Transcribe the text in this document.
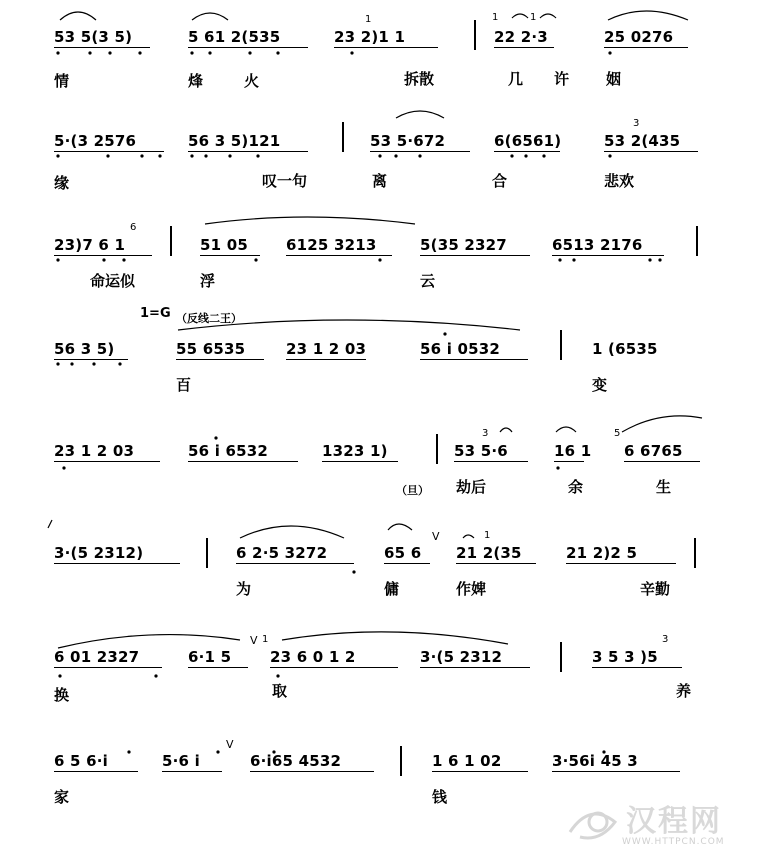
53 5(3 5)	5 61 2(535	23 2)1 1	22 2·3	25 0276
1	1	1
情	烽	火	拆散	几 许 姻
5·(3 2576	56 3 5)121	53 5·672	6(6561)	53 2(435
3
缘	叹一句	离	合	悲欢
23)7 6 1	51 05	6125 3213	5(35 2327	6513 2176
6
命运似	浮	云
1=G （反线二王）
56 3 5)	55 6535	23 1 2 03	56 i 0532	1 (6535
百	变
23 1 2 03	56 i 6532	1323 1)	53 5·6	16 1 6 6765
3	5
（旦） 劫后	余	生
3·(5 2312)	6 2·5 3272	65 6 21 2(35	21 2)2 5
1
V
为	傭	作婢	辛勤
6 01 2327	6·1 5	23 6 0 1 2	3·(5 2312	3 5 3 )5
1	3
V
换	取	养
6 5 6·i	5·6 i	6·i65 4532	1 6 1 02	3·56i 45 3
V
家	钱
汉程网
WWW.HTTPCN.COM
